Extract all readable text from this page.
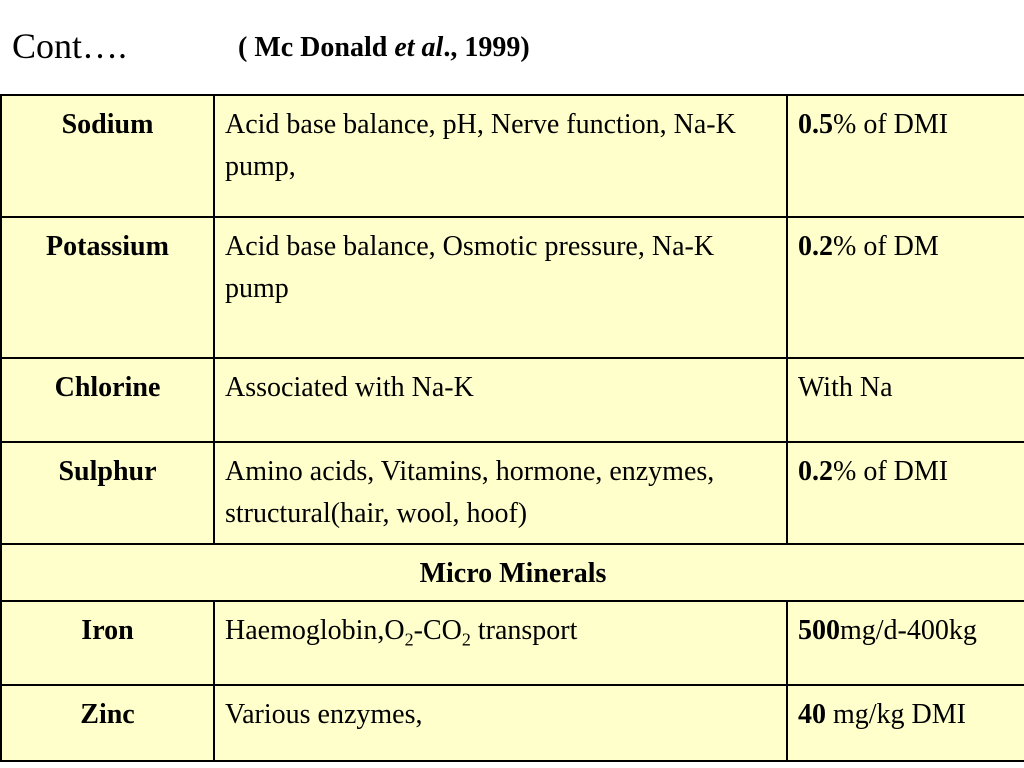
Cont….	( Mc Donald et al., 1999)
Sodium	Acid base balance, pH, Nerve function, Na-K pump,	0.5% of DMI
Potassium	Acid base balance, Osmotic pressure, Na-K pump	0.2% of DM
Chlorine	Associated with Na-K	With Na
Sulphur	Amino acids, Vitamins, hormone, enzymes, structural(hair, wool, hoof)	0.2% of DMI
Micro Minerals		
Iron	$Haemoglobin,O_2-CO_2$ transport	500mg/d-400kg
Zinc	Various enzymes,	40 mg/kg DMI
